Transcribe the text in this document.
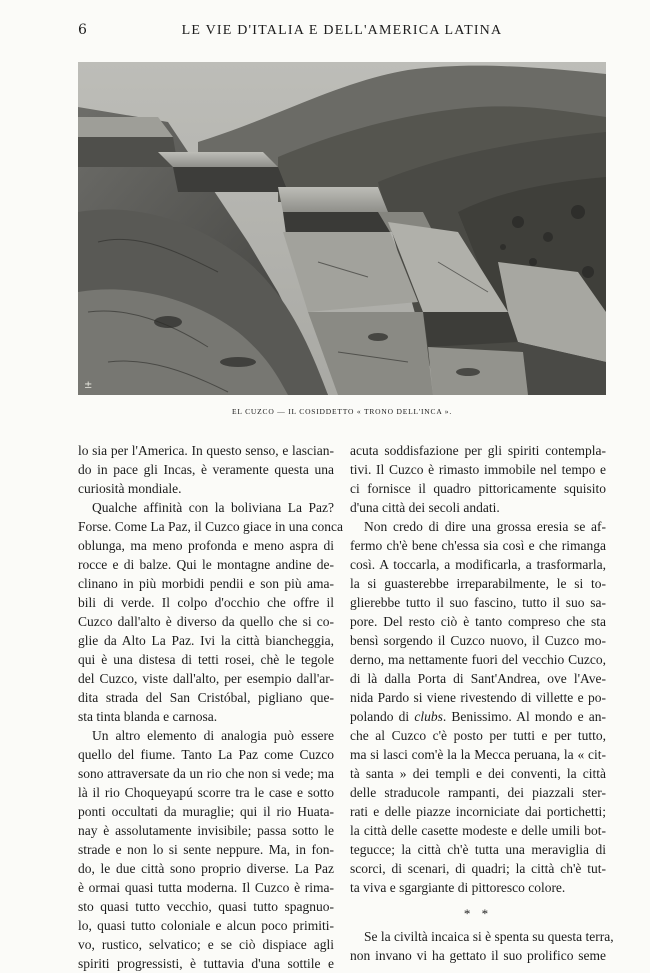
6	LE VIE D'ITALIA E DELL'AMERICA LATINA
±
EL CUZCO — IL COSIDDETTO « TRONO DELL'INCA ».
lo sia per l'America. In questo senso, e lascian-
do in pace gli Incas, è veramente questa una
curiosità mondiale.
Qualche affinità con la boliviana La Paz?
Forse. Come La Paz, il Cuzco giace in una conca
oblunga, ma meno profonda e meno aspra di
rocce e di balze. Qui le montagne andine de-
clinano in più morbidi pendii e son più ama-
bili di verde. Il colpo d'occhio che offre il
Cuzco dall'alto è diverso da quello che si co-
glie da Alto La Paz. Ivi la città biancheggia,
qui è una distesa di tetti rosei, chè le tegole
del Cuzco, viste dall'alto, per esempio dall'ar-
dita strada del San Cristóbal, pigliano que-
sta tinta blanda e carnosa.
Un altro elemento di analogia può essere
quello del fiume. Tanto La Paz come Cuzco
sono attraversate da un rio che non si vede; ma
là il rio Choqueyapú scorre tra le case e sotto
ponti occultati da muraglie; qui il rio Huata-
nay è assolutamente invisibile; passa sotto le
strade e non lo si sente neppure. Ma, in fon-
do, le due città sono proprio diverse. La Paz
è ormai quasi tutta moderna. Il Cuzco è rima-
sto quasi tutto vecchio, quasi tutto spagnuo-
lo, quasi tutto coloniale e alcun poco primiti-
vo, rustico, selvatico; e se ciò dispiace agli
spiriti progressisti, è tuttavia d'una sottile e
acuta soddisfazione per gli spiriti contempla-
tivi. Il Cuzco è rimasto immobile nel tempo e
ci fornisce il quadro pittoricamente squisito
d'una città dei secoli andati.
Non credo di dire una grossa eresia se af-
fermo ch'è bene ch'essa sia così e che rimanga
così. A toccarla, a modificarla, a trasformarla,
la si guasterebbe irreparabilmente, le si to-
glierebbe tutto il suo fascino, tutto il suo sa-
pore. Del resto ciò è tanto compreso che sta
bensì sorgendo il Cuzco nuovo, il Cuzco mo-
derno, ma nettamente fuori del vecchio Cuzco,
di là dalla Porta di Sant'Andrea, ove l'Ave-
nida Pardo si viene rivestendo di villette e po-
polando di clubs. Benissimo. Al mondo e an-
che al Cuzco c'è posto per tutti e per tutto,
ma si lasci com'è la la Mecca peruana, la « cit-
tà santa » dei templi e dei conventi, la città
delle straducole rampanti, dei piazzali ster-
rati e delle piazze incorniciate dai portichetti;
la città delle casette modeste e delle umili bot-
tegucce; la città ch'è tutta una meraviglia di
scorci, di scenari, di quadri; la città ch'è tut-
ta viva e sgargiante di pittoresco colore.
* *
Se la civiltà incaica si è spenta su questa terra,
non invano vi ha gettato il suo prolifico seme
